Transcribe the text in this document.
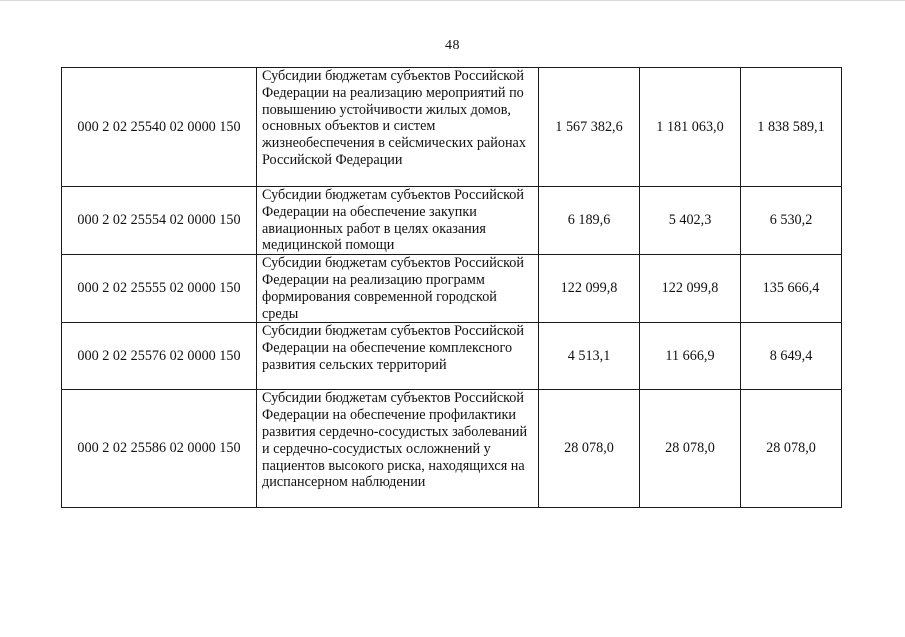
48
000 2 02 25540 02 0000 150	Субсидии бюджетам субъектов Российской Федерации на реализацию мероприятий по повышению устойчивости жилых домов, основных объектов и систем жизнеобеспечения в сейсмических районах Российской Федерации	1 567 382,6	1 181 063,0	1 838 589,1
000 2 02 25554 02 0000 150	Субсидии бюджетам субъектов Российской Федерации на обеспечение закупки авиационных работ в целях оказания медицинской помощи	6 189,6	5 402,3	6 530,2
000 2 02 25555 02 0000 150	Субсидии бюджетам субъектов Российской Федерации на реализацию программ формирования современной городской среды	122 099,8	122 099,8	135 666,4
000 2 02 25576 02 0000 150	Субсидии бюджетам субъектов Российской Федерации на обеспечение комплексного развития сельских территорий	4 513,1	11 666,9	8 649,4
000 2 02 25586 02 0000 150	Субсидии бюджетам субъектов Российской Федерации на обеспечение профилактики развития сердечно-сосудистых заболеваний и сердечно-сосудистых осложнений у пациентов высокого риска, находящихся на диспансерном наблюдении	28 078,0	28 078,0	28 078,0
